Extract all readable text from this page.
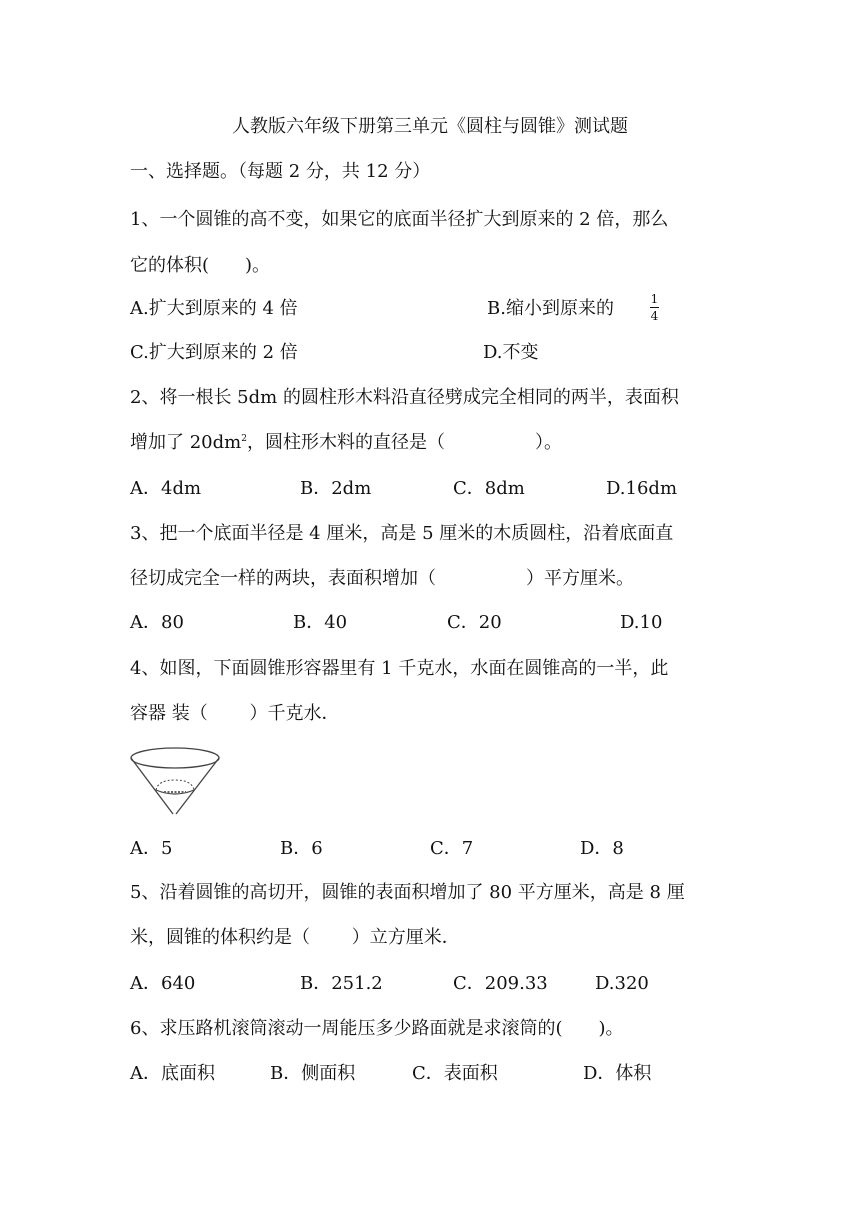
人教版六年级下册第三单元《圆柱与圆锥》测试题
一、选择题。（每题 2 分，共 12 分）
1、一个圆锥的高不变，如果它的底面半径扩大到原来的 2 倍，那么
它的体积(　　)。
A.扩大到原来的 4 倍	B.缩小到原来的	1
4
C.扩大到原来的 2 倍	D.不变
2、将一根长 5dm 的圆柱形木料沿直径劈成完全相同的两半，表面积
增加了 $20dm^2$，圆柱形木料的直径是（　　　　　）。
A．4dm	B．2dm	C．8dm	D.16dm
3、把一个底面半径是 4 厘米，高是 5 厘米的木质圆柱，沿着底面直
径切成完全一样的两块，表面积增加（　　　　　）平方厘米。
A．80	B．40	C．20	D.10
4、如图，下面圆锥形容器里有 1 千克水，水面在圆锥高的一半，此
容器 装（　　 ）千克水．
A．5	B．6	C．7	D．8
5、沿着圆锥的高切开，圆锥的表面积增加了 80 平方厘米，高是 8 厘
米，圆锥的体积约是（　　 ）立方厘米．
A．640	B．251.2	C．209.33	D.320
6、求压路机滚筒滚动一周能压多少路面就是求滚筒的(　　)。
A．底面积	B．侧面积	C．表面积	D．体积
